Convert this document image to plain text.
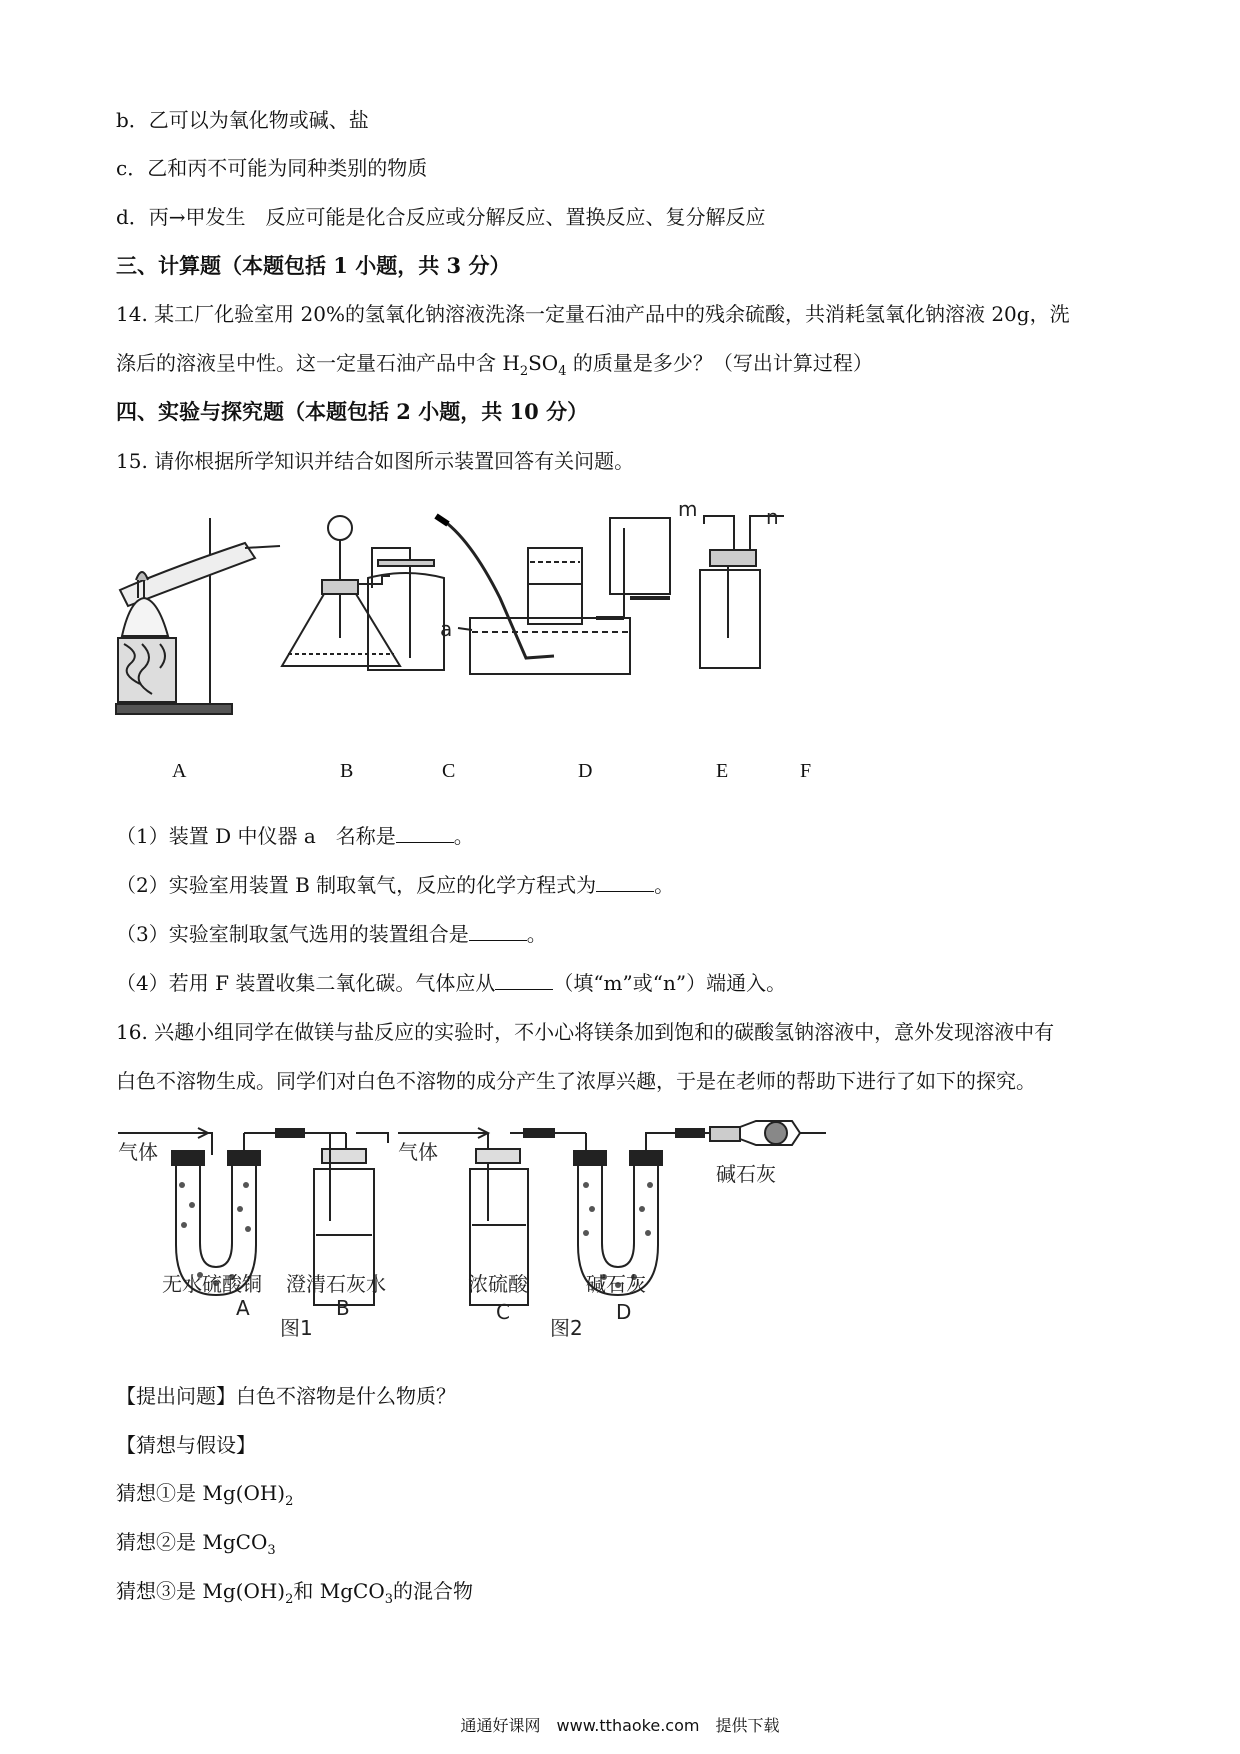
b．乙可以为氧化物或碱、盐
c．乙和丙不可能为同种类别的物质
d．丙→甲发生　反应可能是化合反应或分解反应、置换反应、复分解反应
三、计算题（本题包括 1 小题，共 3 分）
14. 某工厂化验室用 20%的氢氧化钠溶液洗涤一定量石油产品中的残余硫酸，共消耗氢氧化钠溶液 20g，洗
涤后的溶液呈中性。这一定量石油产品中含 $H_2SO_4$ 的质量是多少？（写出计算过程）
四、实验与探究题（本题包括 2 小题，共 10 分）
15. 请你根据所学知识并结合如图所示装置回答有关问题。
a
m	n
A	B	C	D	E	F
（1）装置 D 中仪器 a　名称是	。
（2）实验室用装置 B 制取氧气，反应的化学方程式为	。
（3）实验室制取氢气选用的装置组合是	。
（4）若用 F 装置收集二氧化碳。气体应从	（填“m”或“n”）端通入。
16. 兴趣小组同学在做镁与盐反应的实验时，不小心将镁条加到饱和的碳酸氢钠溶液中，意外发现溶液中有
白色不溶物生成。同学们对白色不溶物的成分产生了浓厚兴趣，于是在老师的帮助下进行了如下的探究。
气体	气体
无水硫酸铜 澄清石灰水	浓硫酸	碱石灰
碱石灰
A	B
图1
C	D
图2
【提出问题】白色不溶物是什么物质？
【猜想与假设】
猜想①是 $Mg(OH)_2$
猜想②是 MgCO$_3$
猜想③是 $Mg(OH)_2$和 MgCO$_3$的混合物
通通好课网　www.tthaoke.com　提供下载
